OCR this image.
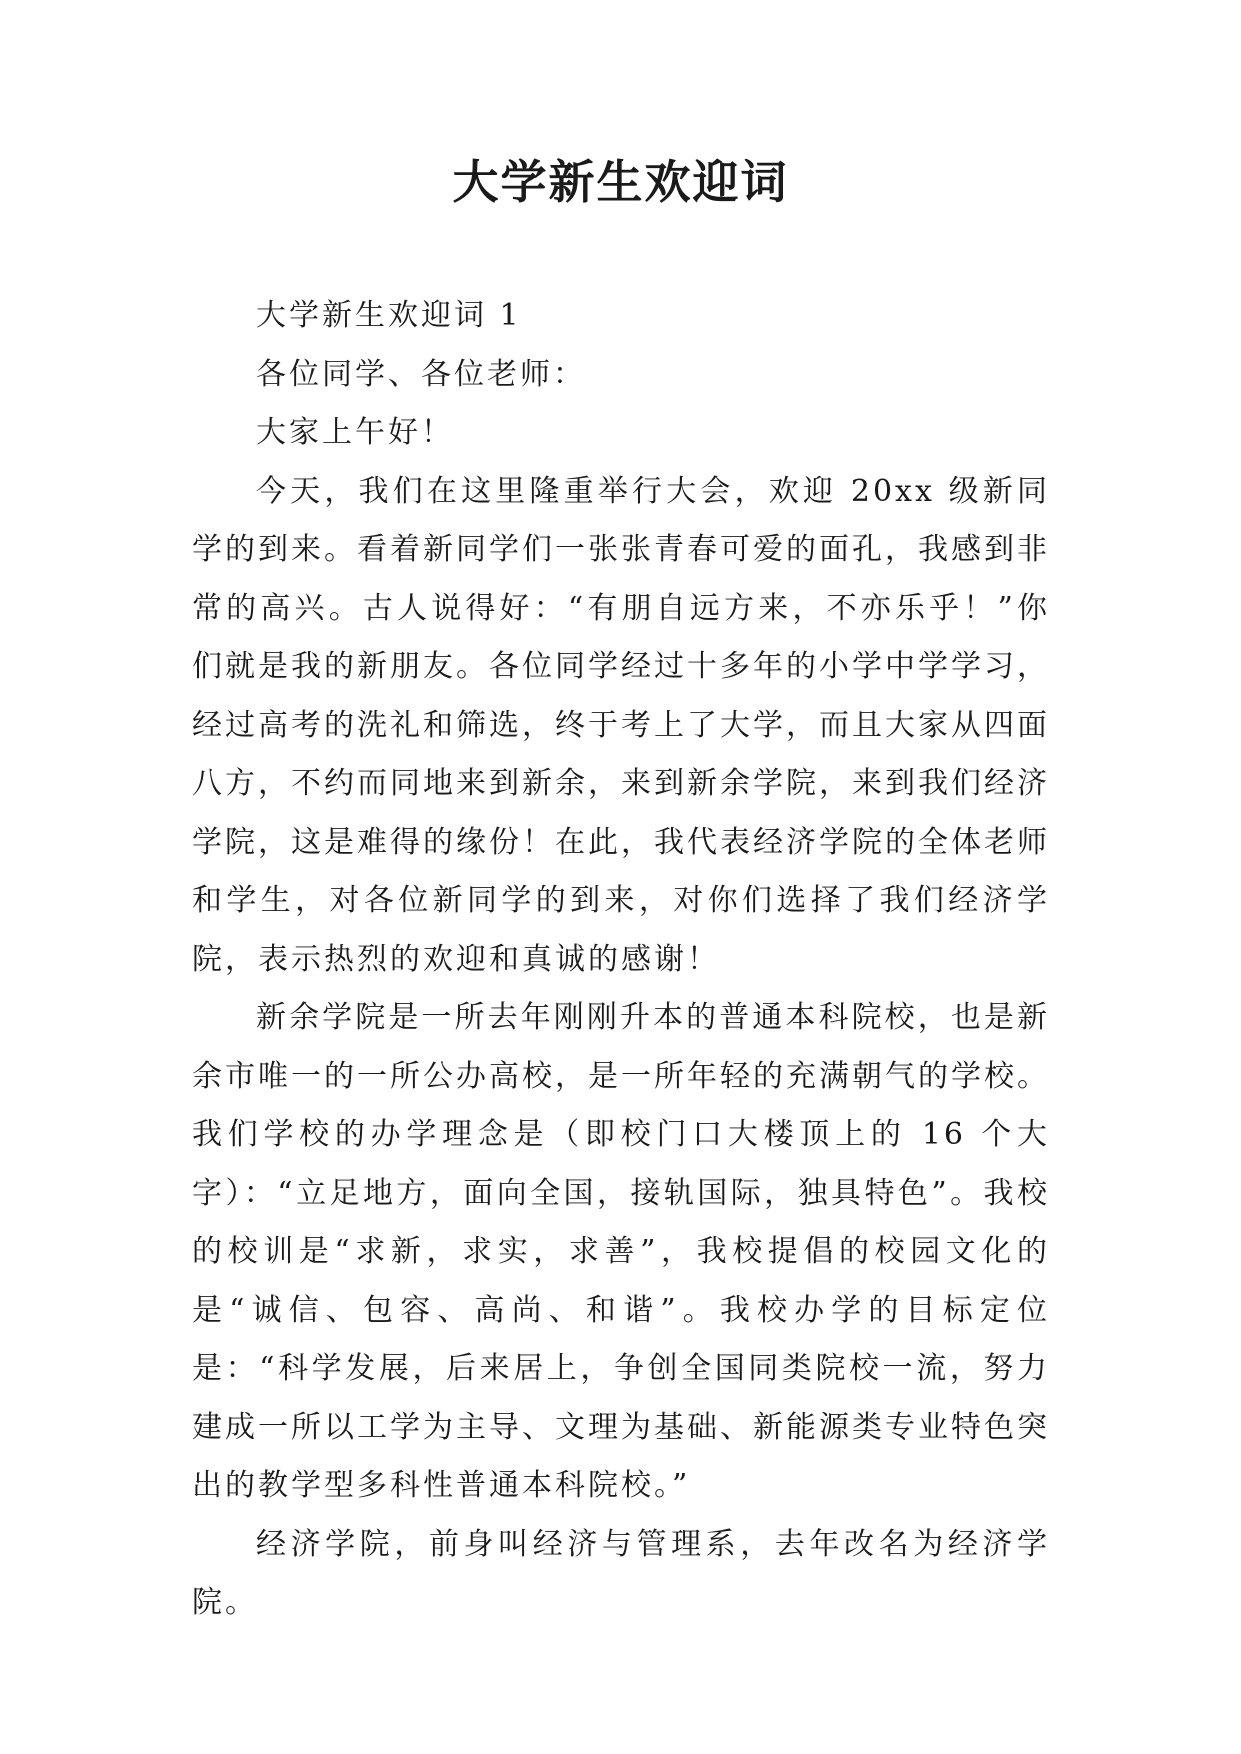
大学新生欢迎词

大学新生欢迎词 1

各位同学、各位老师：

大家上午好！

今天，我们在这里隆重举行大会，欢迎 20xx 级新同学的到来。看着新同学们一张张青春可爱的面孔，我感到非常的高兴。古人说得好：“有朋自远方来，不亦乐乎！”你们就是我的新朋友。各位同学经过十多年的小学中学学习，经过高考的洗礼和筛选，终于考上了大学，而且大家从四面八方，不约而同地来到新余，来到新余学院，来到我们经济学院，这是难得的缘份！在此，我代表经济学院的全体老师和学生，对各位新同学的到来，对你们选择了我们经济学院，表示热烈的欢迎和真诚的感谢！

新余学院是一所去年刚刚升本的普通本科院校，也是新余市唯一的一所公办高校，是一所年轻的充满朝气的学校。我们学校的办学理念是（即校门口大楼顶上的 16 个大字）：“立足地方，面向全国，接轨国际，独具特色”。我校的校训是“求新，求实，求善”，我校提倡的校园文化的是“诚信、包容、高尚、和谐”。我校办学的目标定位是：“科学发展，后来居上，争创全国同类院校一流，努力建成一所以工学为主导、文理为基础、新能源类专业特色突出的教学型多科性普通本科院校。”

经济学院，前身叫经济与管理系，去年改名为经济学院。
